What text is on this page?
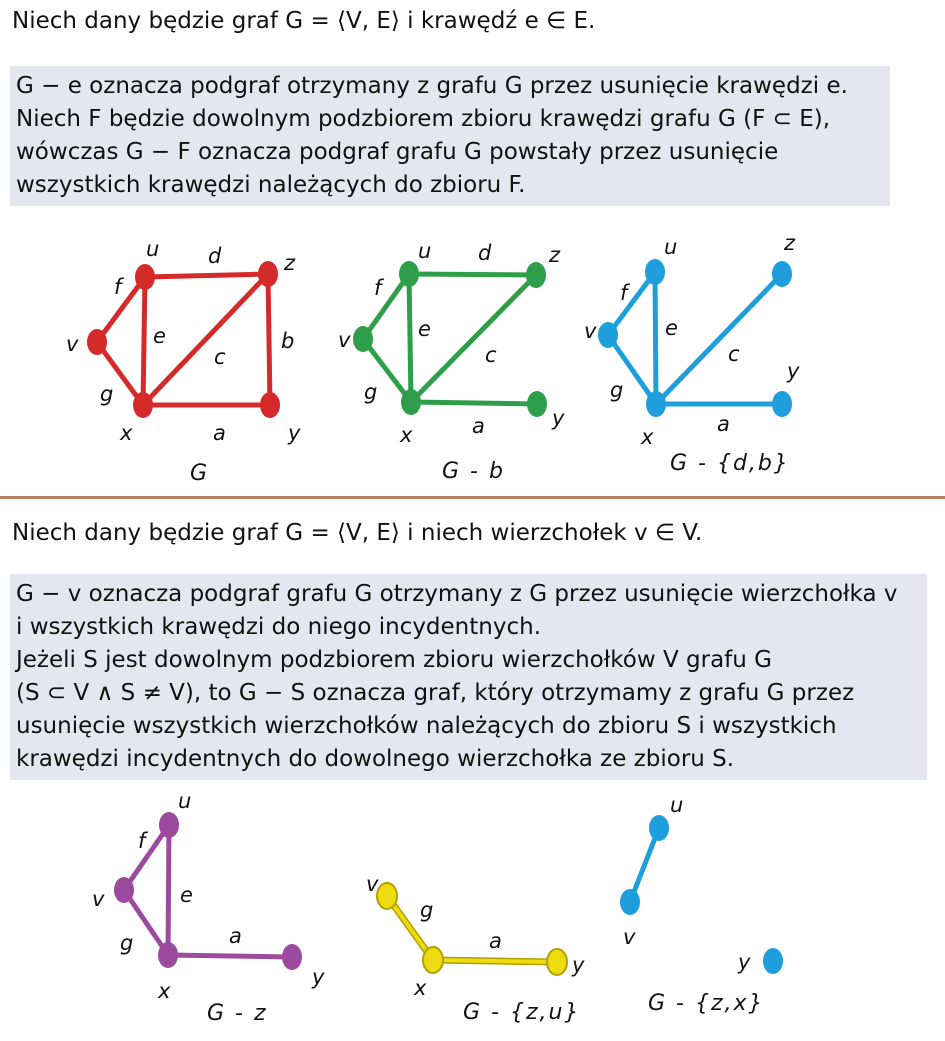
Niech dany będzie graf G = ⟨V, E⟩ i krawędź e ∈ E.
G − e oznacza podgraf otrzymany z grafu G przez usunięcie krawędzi e.
Niech F będzie dowolnym podzbiorem zbioru krawędzi grafu G (F ⊂ E),
wówczas G − F oznacza podgraf grafu G powstały przez usunięcie
wszystkich krawędzi należących do zbioru F.
u
z
v
x	y
d
f
e
c
b
g
a
G
u	z
v
x
y
d
f
e
c
g
a
G - b
u	z
v
x
y
f
e
c
g
a
G - {d,b}
Niech dany będzie graf G = ⟨V, E⟩ i niech wierzchołek v ∈ V.
G − v oznacza podgraf grafu G otrzymany z G przez usunięcie wierzchołka v
i wszystkich krawędzi do niego incydentnych.
Jeżeli S jest dowolnym podzbiorem zbioru wierzchołków V grafu G
(S ⊂ V ∧ S ≠ V), to G − S oznacza graf, który otrzymamy z grafu G przez
usunięcie wszystkich wierzchołków należących do zbioru S i wszystkich
krawędzi incydentnych do dowolnego wierzchołka ze zbioru S.
u
v
x
y
f
e
g	a
G - z
v
x
y
g
a
G - {z,u}
u
v
y
G - {z,x}
